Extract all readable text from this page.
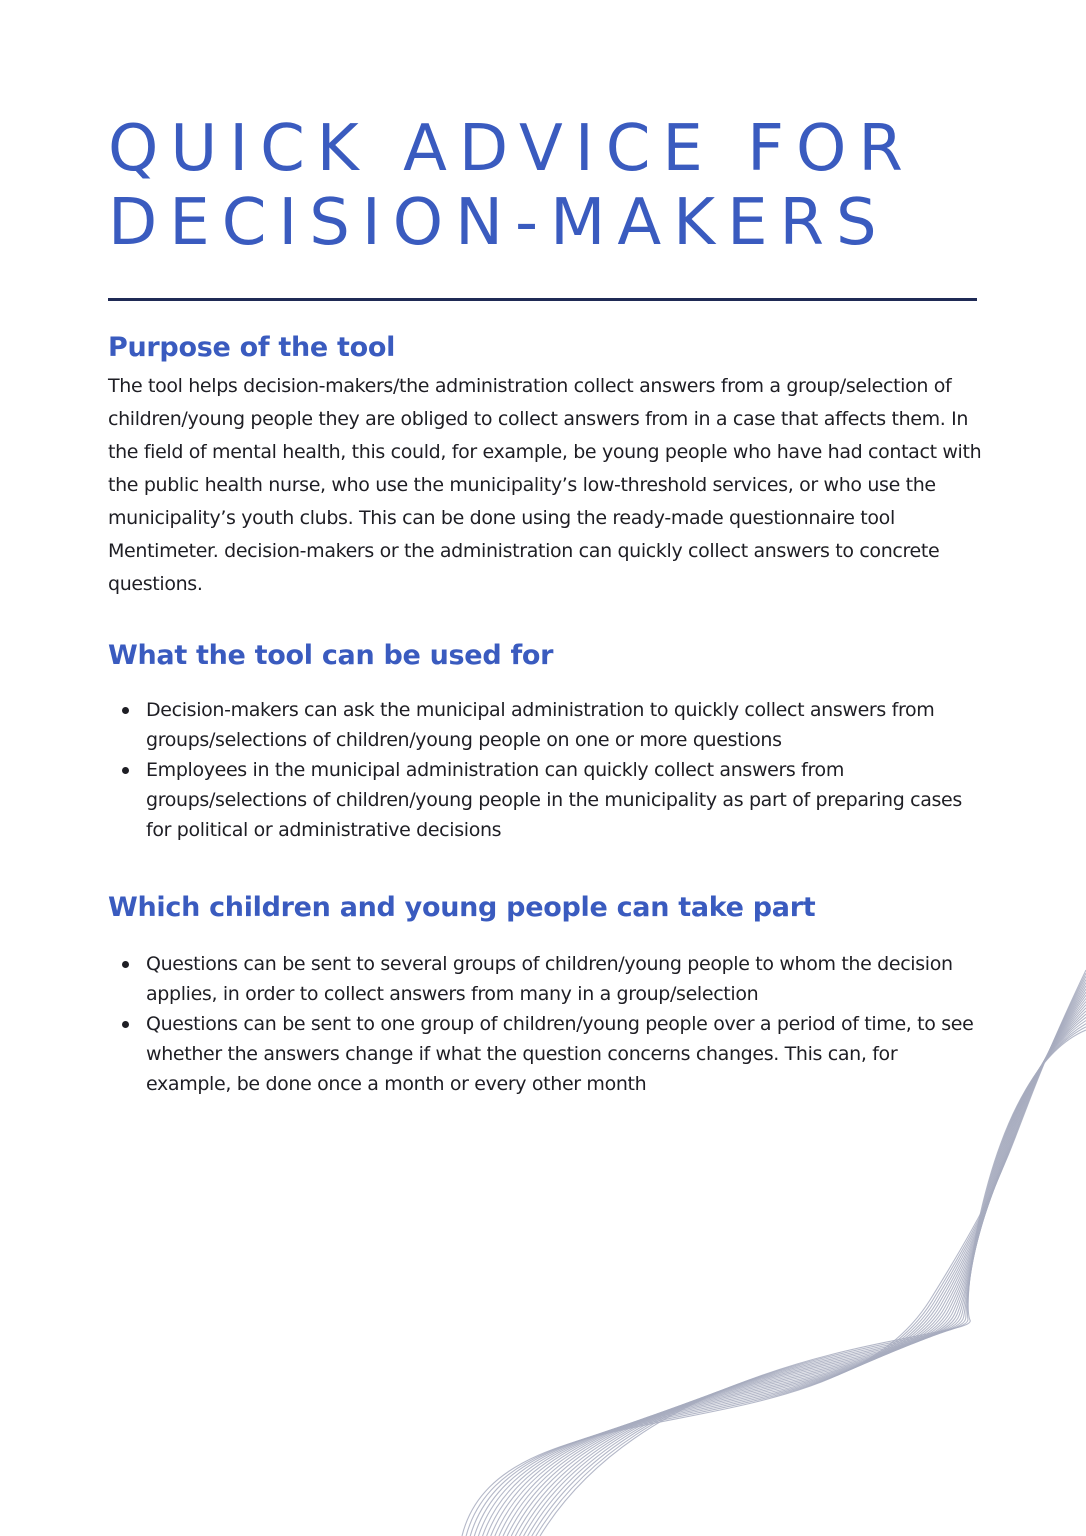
QUICK ADVICE FOR
DECISION-MAKERS
Purpose of the tool

The tool helps decision-makers/the administration collect answers from a group/selection of children/young people they are obliged to collect answers from in a case that affects them. In the field of mental health, this could, for example, be young people who have had contact with the public health nurse, who use the municipality’s low-threshold services, or who use the municipality’s youth clubs. This can be done using the ready-made questionnaire tool Mentimeter. decision-makers or the administration can quickly collect answers to concrete questions.

What the tool can be used for
Decision-makers can ask the municipal administration to quickly collect answers from groups/selections of children/young people on one or more questions
Employees in the municipal administration can quickly collect answers from groups/selections of children/young people in the municipality as part of preparing cases for political or administrative decisions
Which children and young people can take part
Questions can be sent to several groups of children/young people to whom the decision applies, in order to collect answers from many in a group/selection
Questions can be sent to one group of children/young people over a period of time, to see whether the answers change if what the question concerns changes. This can, for example, be done once a month or every other month
